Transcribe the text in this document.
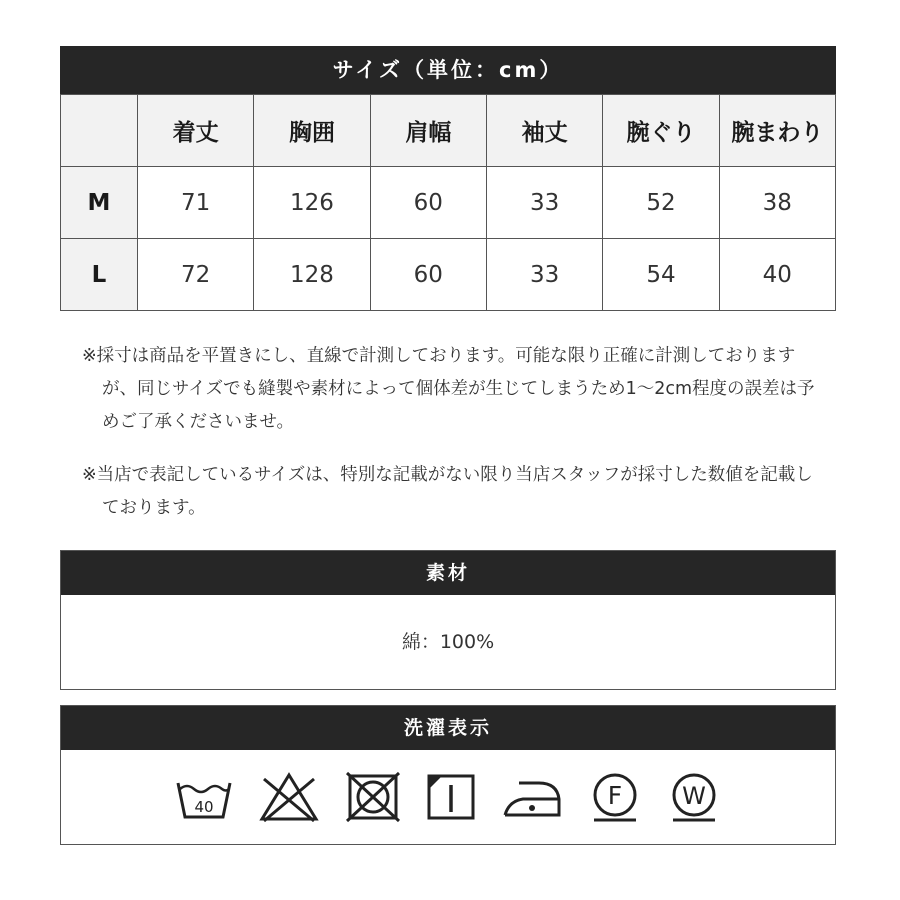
サイズ（単位：cm）
	着丈	胸囲	肩幅	袖丈	腕ぐり	腕まわり
M	71	126	60	33	52	38
L	72	128	60	33	54	40
※採寸は商品を平置きにし、直線で計測しております。可能な限り正確に計測しておりますが、同じサイズでも縫製や素材によって個体差が生じてしまうため1〜2cm程度の誤差は予めご了承くださいませ。
※当店で表記しているサイズは、特別な記載がない限り当店スタッフが採寸した数値を記載しております。
素材
綿：100%
洗濯表示
40	F W
